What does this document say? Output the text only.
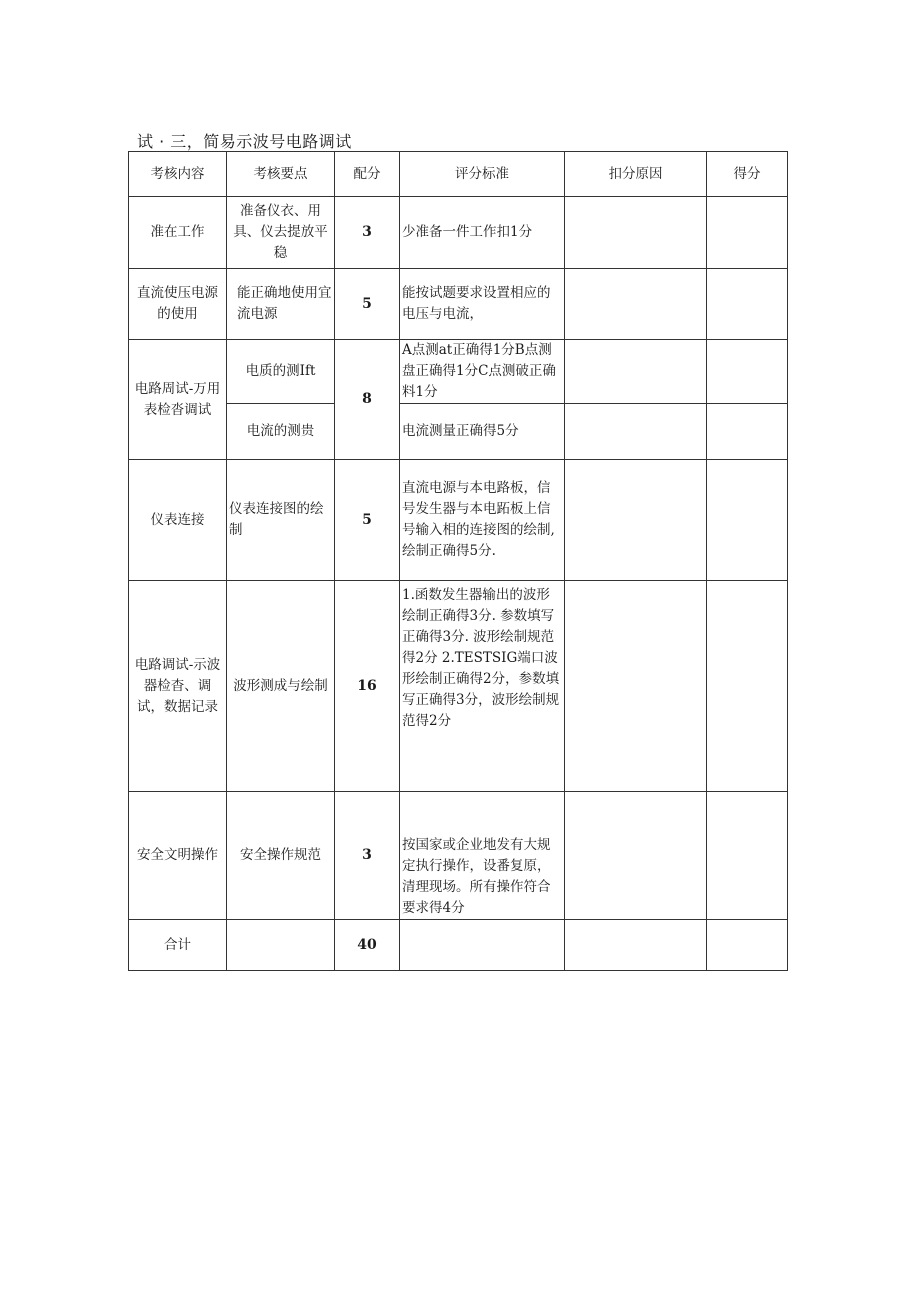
试 · 三，简易示波号电路调试
考核内容	考核要点	配分	评分标准	扣分原因	得分
准在工作	准备仪衣、用具、仪去提放平稳	3	少准备一件工作扣1分		
直流使压电源的使用	能正确地使用宜流电源	5	能按试题要求设置相应的电压与电流，		
电路周试-万用表检沓调试	电质的测Ift	8	A点测at正确得1分B点测盘正确得1分C点测破正确料1分		
	电流的测贵		电流测量正确得5分		
仪表连接	仪表连接图的绘制	5	直流电源与本电路板，信号发生器与本电跖板上信号输入相的连接图的绘制,绘制正确得5分.		
电路调试-示波器检杳、调试，数据记录	波形测成与绘制	16	1.函数发生器输出的波形绘制正确得3分. 参数填写正确得3分. 波形绘制规范得2分 2.TESTSIG端口波形绘制正确得2分，参数填写正确得3分，波形绘制规范得2分		
安全文明操作	安全操作规范	3	按国家或企业地发有大规定执行操作，设番复原，清理现场。所有操作符合要求得4分		
合计		40			
